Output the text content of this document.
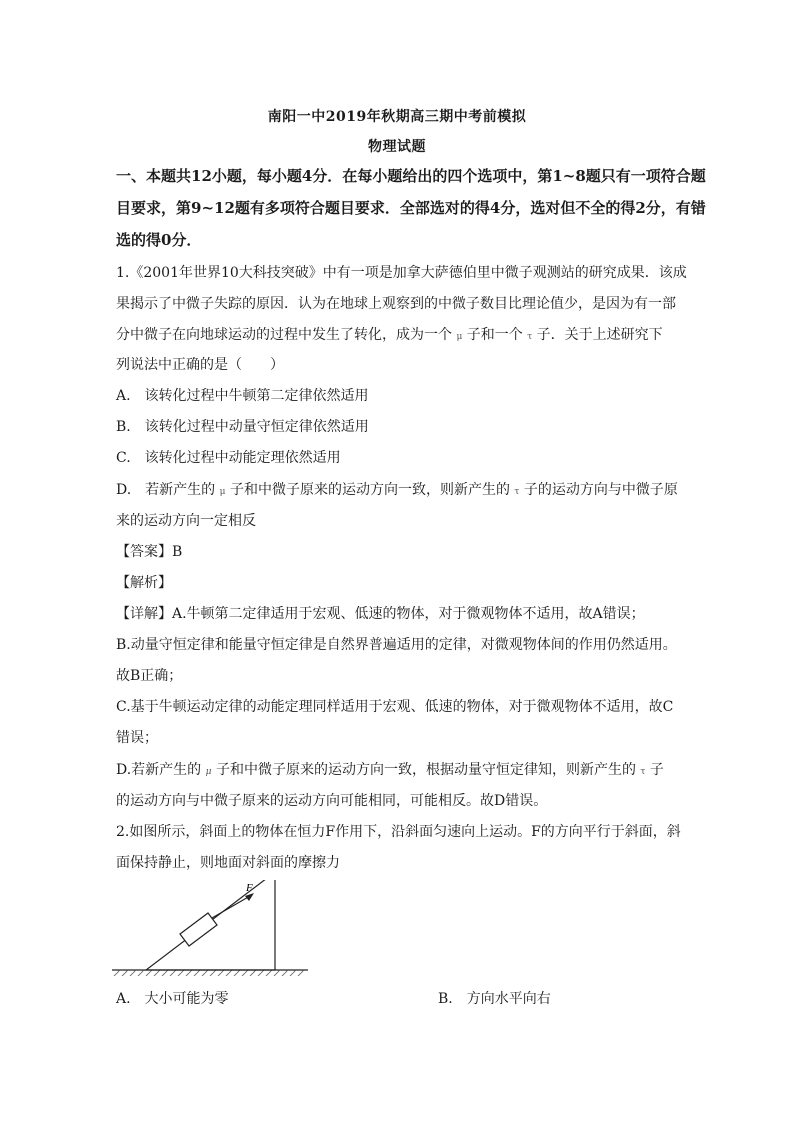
南阳一中2019年秋期高三期中考前模拟
物理试题
一、本题共12小题，每小题4分．在每小题给出的四个选项中，第1~8题只有一项符合题
目要求，第9~12题有多项符合题目要求．全部选对的得4分，选对但不全的得2分，有错
选的得0分．
1.《2001年世界10大科技突破》中有一项是加拿大萨德伯里中微子观测站的研究成果．该成
果揭示了中微子失踪的原因．认为在地球上观察到的中微子数目比理论值少，是因为有一部
分中微子在向地球运动的过程中发生了转化，成为一个 μ 子和一个 τ 子．关于上述研究下
列说法中正确的是（　　）
A.　该转化过程中牛顿第二定律依然适用
B.　该转化过程中动量守恒定律依然适用
C.　该转化过程中动能定理依然适用
D.　若新产生的 μ 子和中微子原来的运动方向一致，则新产生的 τ 子的运动方向与中微子原
来的运动方向一定相反
【答案】B
【解析】
【详解】A.牛顿第二定律适用于宏观、低速的物体，对于微观物体不适用，故A错误；
B.动量守恒定律和能量守恒定律是自然界普遍适用的定律，对微观物体间的作用仍然适用。
故B正确；
C.基于牛顿运动定律的动能定理同样适用于宏观、低速的物体，对于微观物体不适用，故C
错误；
D.若新产生的 μ 子和中微子原来的运动方向一致，根据动量守恒定律知，则新产生的 τ 子
的运动方向与中微子原来的运动方向可能相同，可能相反。故D错误。
2.如图所示，斜面上的物体在恒力F作用下，沿斜面匀速向上运动。F的方向平行于斜面，斜
面保持静止，则地面对斜面的摩擦力
F
A.　大小可能为零	B.　方向水平向右
